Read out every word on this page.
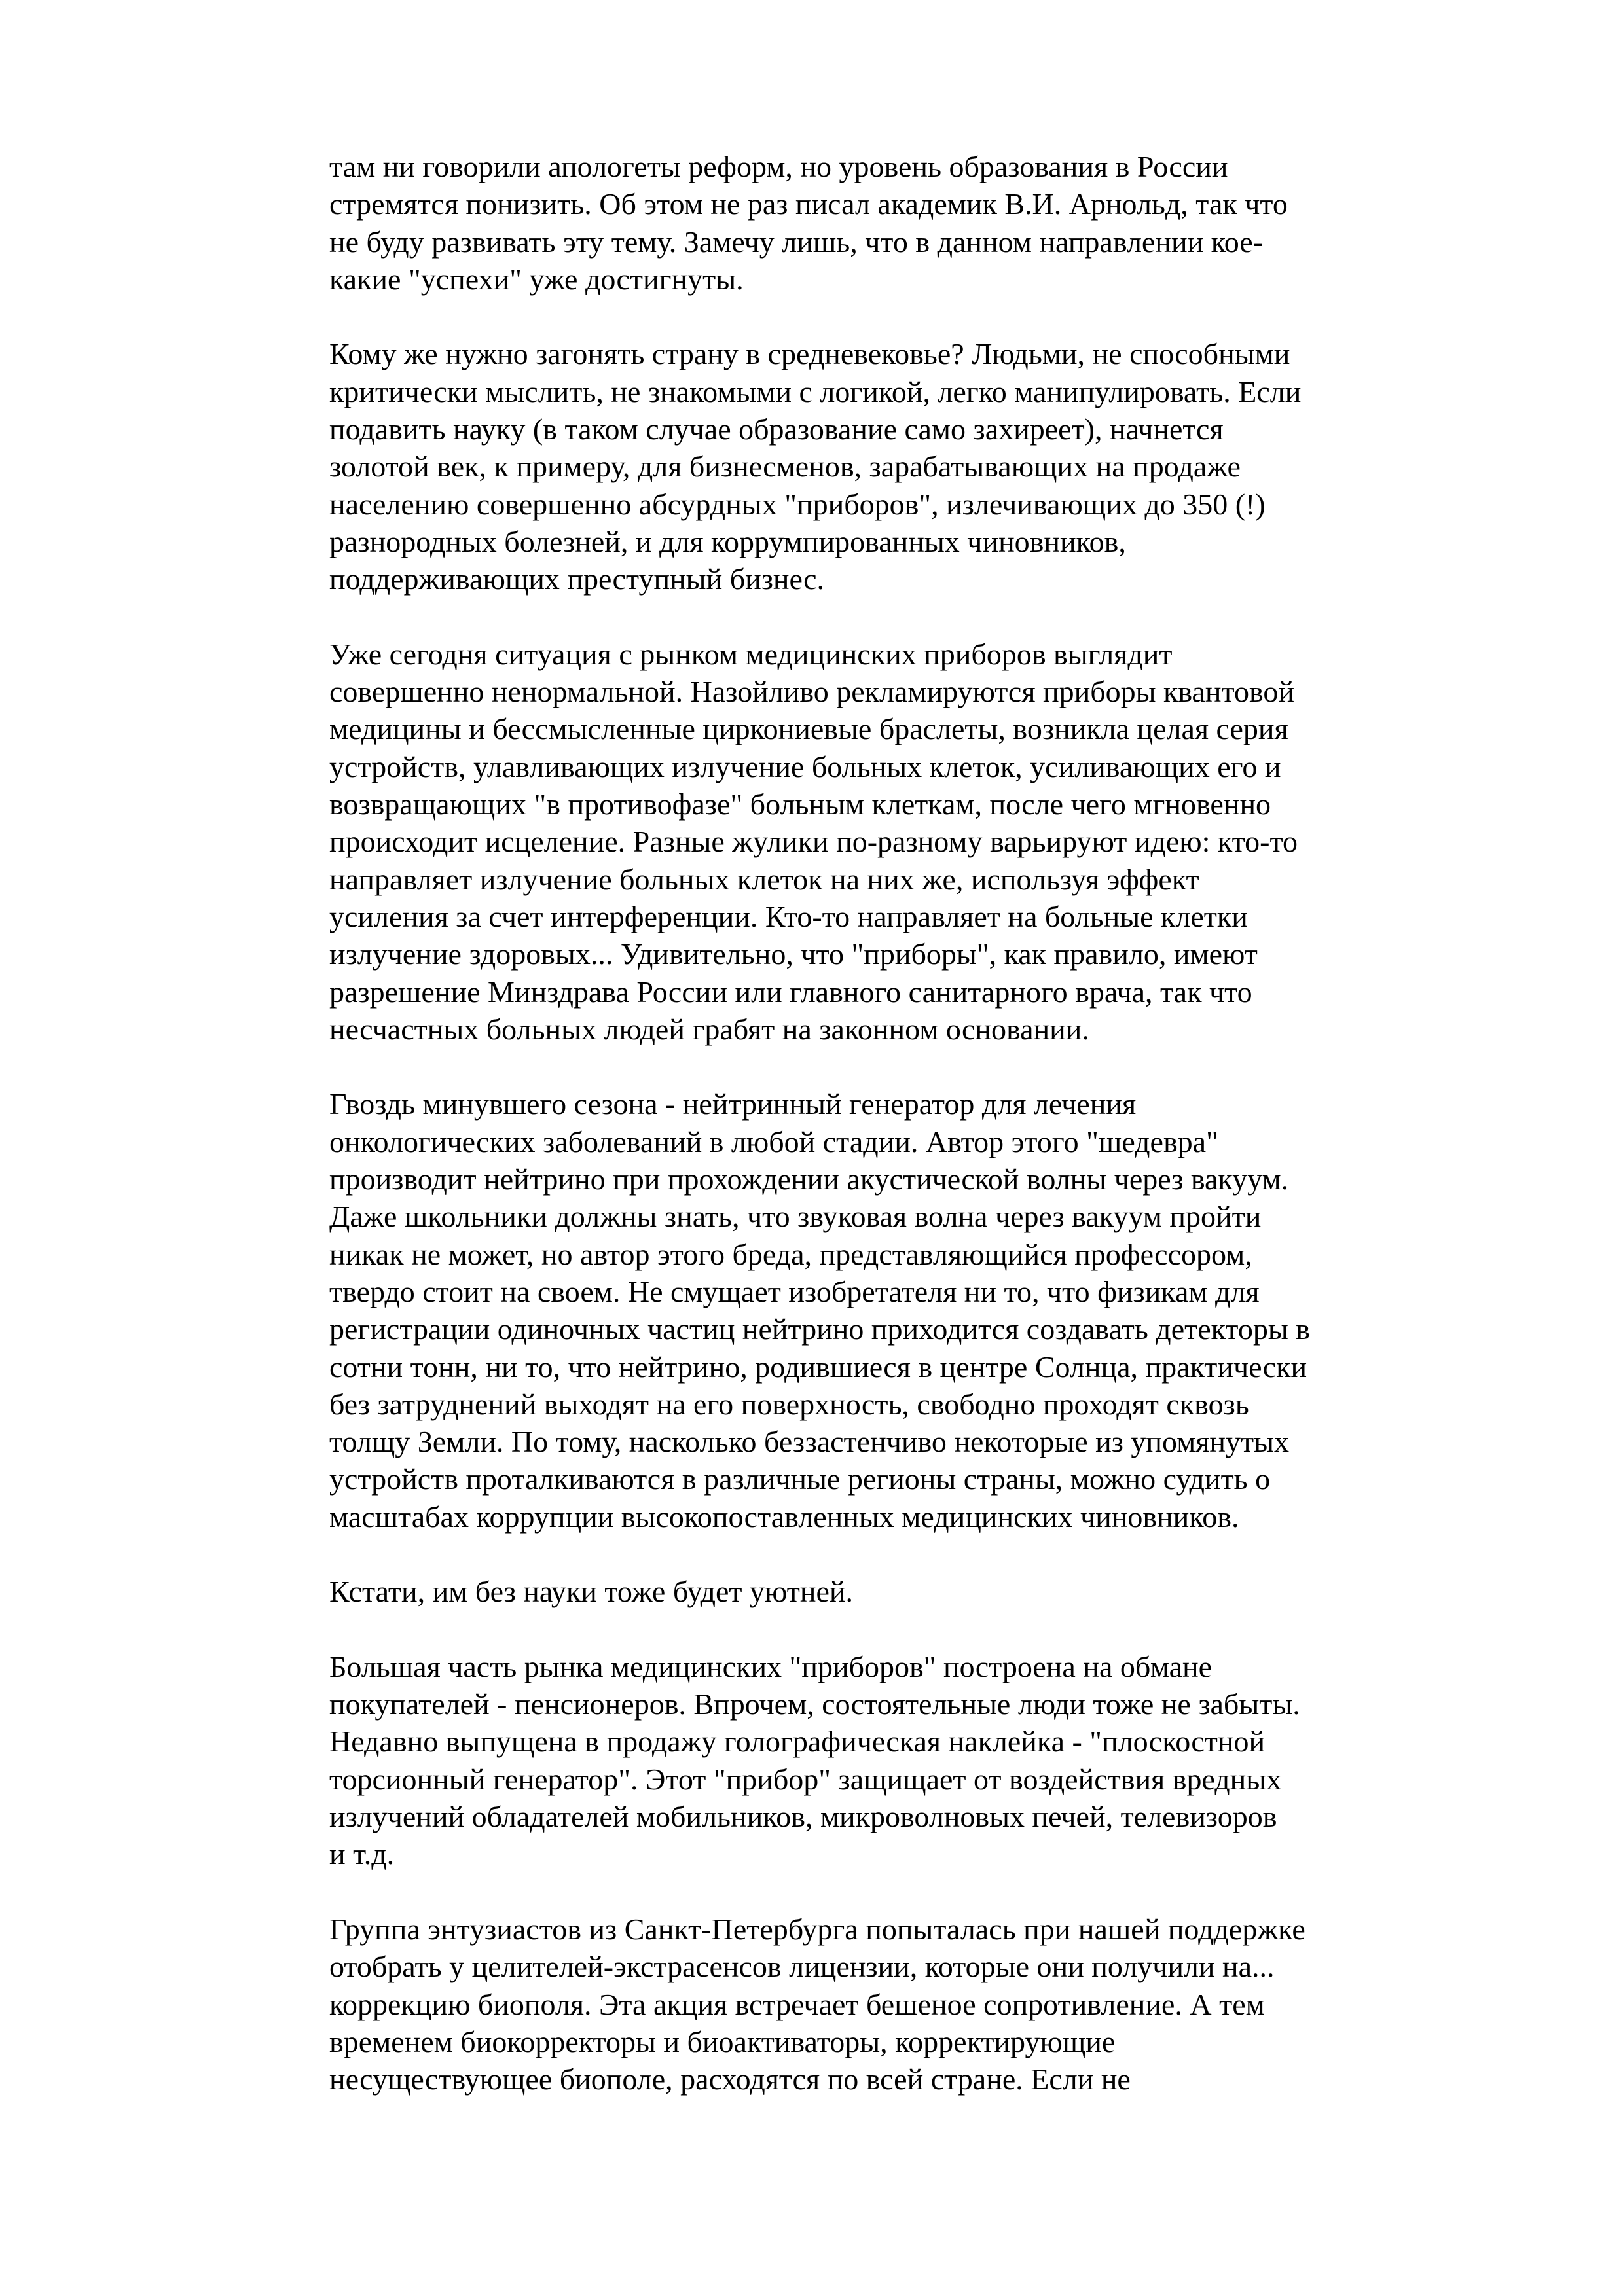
там ни говорили апологеты реформ, но уровень образования в России
стремятся понизить. Об этом не раз писал академик В.И. Арнольд, так что
не буду развивать эту тему. Замечу лишь, что в данном направлении кое-
какие "успехи" уже достигнуты.

Кому же нужно загонять страну в средневековье? Людьми, не способными
критически мыслить, не знакомыми с логикой, легко манипулировать. Если
подавить науку (в таком случае образование само захиреет), начнется
золотой век, к примеру, для бизнесменов, зарабатывающих на продаже
населению совершенно абсурдных "приборов", излечивающих до 350 (!)
разнородных болезней, и для коррумпированных чиновников,
поддерживающих преступный бизнес.

Уже сегодня ситуация с рынком медицинских приборов выглядит
совершенно ненормальной. Назойливо рекламируются приборы квантовой
медицины и бессмысленные циркониевые браслеты, возникла целая серия
устройств, улавливающих излучение больных клеток, усиливающих его и
возвращающих "в противофазе" больным клеткам, после чего мгновенно
происходит исцеление. Разные жулики по-разному варьируют идею: кто-то
направляет излучение больных клеток на них же, используя эффект
усиления за счет интерференции. Кто-то направляет на больные клетки
излучение здоровых... Удивительно, что "приборы", как правило, имеют
разрешение Минздрава России или главного санитарного врача, так что
несчастных больных людей грабят на законном основании.

Гвоздь минувшего сезона - нейтринный генератор для лечения
онкологических заболеваний в любой стадии. Автор этого "шедевра"
производит нейтрино при прохождении акустической волны через вакуум.
Даже школьники должны знать, что звуковая волна через вакуум пройти
никак не может, но автор этого бреда, представляющийся профессором,
твердо стоит на своем. Не смущает изобретателя ни то, что физикам для
регистрации одиночных частиц нейтрино приходится создавать детекторы в
сотни тонн, ни то, что нейтрино, родившиеся в центре Солнца, практически
без затруднений выходят на его поверхность, свободно проходят сквозь
толщу Земли. По тому, насколько беззастенчиво некоторые из упомянутых
устройств проталкиваются в различные регионы страны, можно судить о
масштабах коррупции высокопоставленных медицинских чиновников.

Кстати, им без науки тоже будет уютней.

Большая часть рынка медицинских "приборов" построена на обмане
покупателей - пенсионеров. Впрочем, состоятельные люди тоже не забыты.
Недавно выпущена в продажу голографическая наклейка - "плоскостной
торсионный генератор". Этот "прибор" защищает от воздействия вредных
излучений обладателей мобильников, микроволновых печей, телевизоров
и т.д.

Группа энтузиастов из Санкт-Петербурга попыталась при нашей поддержке
отобрать у целителей-экстрасенсов лицензии, которые они получили на...
коррекцию биополя. Эта акция встречает бешеное сопротивление. А тем
временем биокорректоры и биоактиваторы, корректирующие
несуществующее биополе, расходятся по всей стране. Если не
